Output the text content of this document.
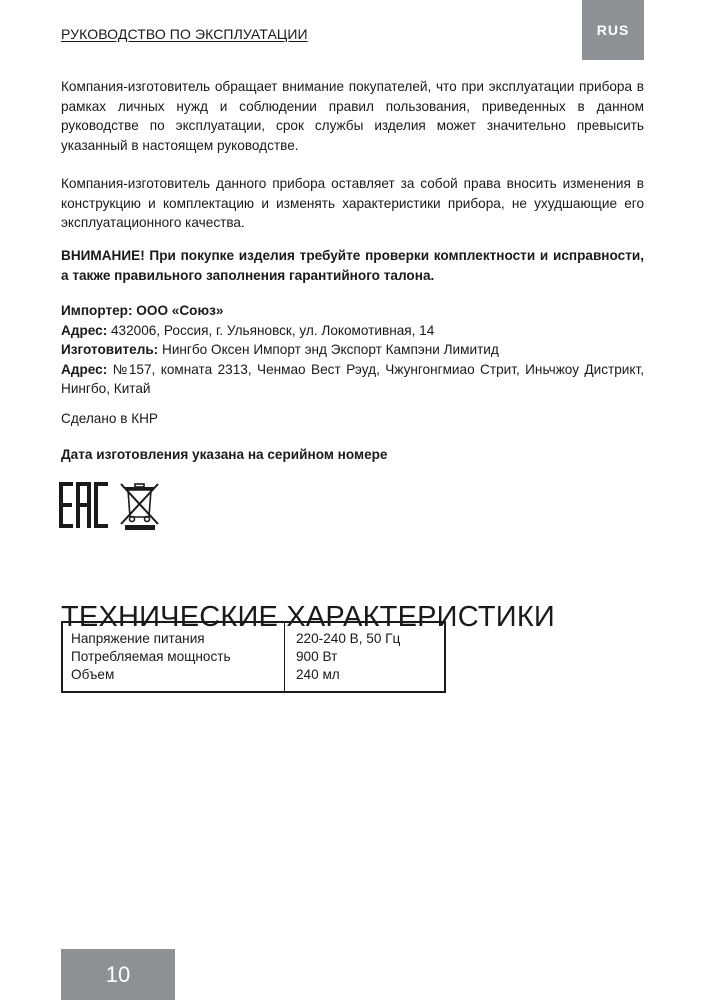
РУКОВОДСТВО ПО ЭКСПЛУАТАЦИИ	RUS

Компания-изготовитель обращает внимание покупателей, что при эксплуатации прибора в рамках личных нужд и соблюдении правил пользования, приведенных в данном руководстве по эксплуатации, срок службы изделия может значительно превысить указанный в настоящем руководстве.

Компания-изготовитель данного прибора оставляет за собой права вносить изменения в конструкцию и комплектацию и изменять характеристики прибора, не ухудшающие его эксплуатационного качества.

ВНИМАНИЕ! При покупке изделия требуйте проверки комплектности и исправности, а также правильного заполнения гарантийного талона.

Импортер: ООО «Союз»

Адрес: 432006, Россия, г. Ульяновск, ул. Локомотивная, 14

Изготовитель: Нингбо Оксен Импорт энд Экспорт Кампэни Лимитид

Адрес: №157, комната 2313, Ченмао Вест Рэуд, Чжунгонгмиао Стрит, Иньчжоу Дистрикт, Нингбо, Китай

Сделано в КНР

Дата изготовления указана на серийном номере

ТЕХНИЧЕСКИЕ ХАРАКТЕРИСТИКИ
Напряжение питания
Потребляемая мощность
Объем
220-240 В, 50 Гц
900 Вт
240 мл
10
